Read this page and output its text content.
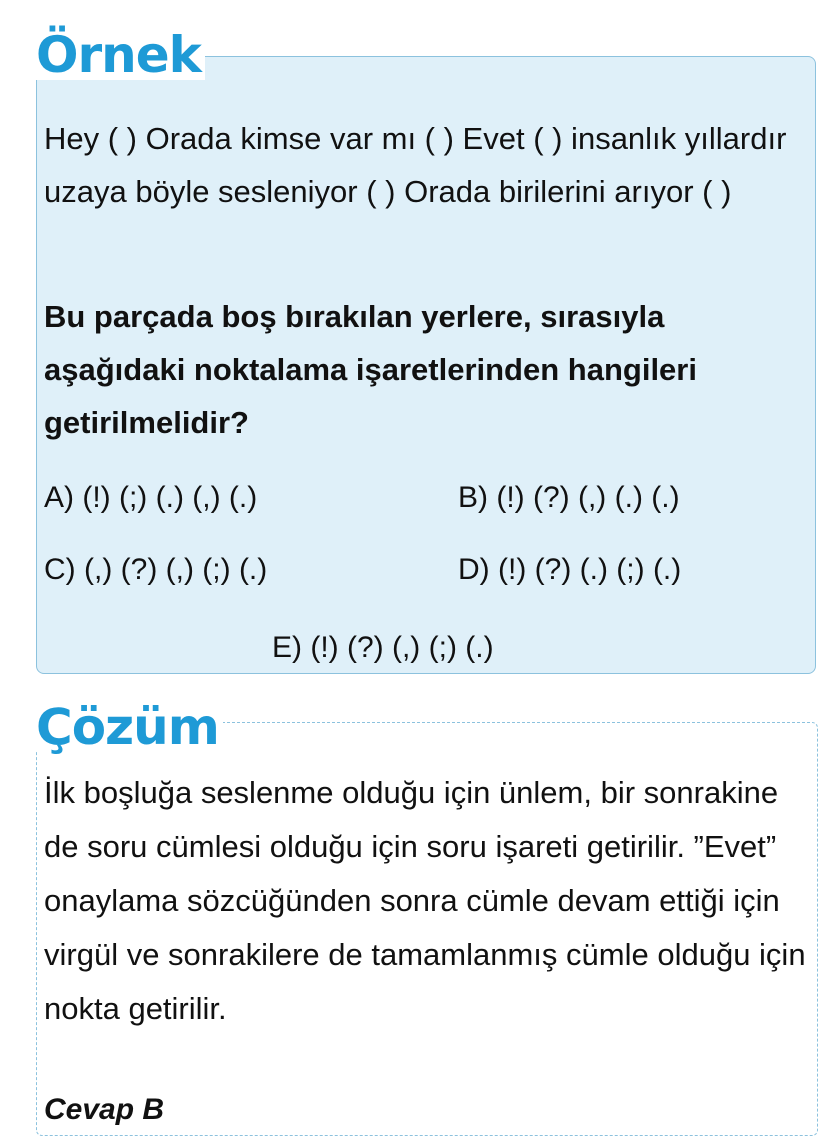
Örnek

Hey ( ) Orada kimse var mı ( ) Evet ( ) insanlık yıllardır uzaya böyle sesleniyor ( ) Orada birilerini arıyor ( )

Bu parçada boş bırakılan yerlere, sırasıyla aşağıdaki noktalama işaretlerinden hangileri getirilmelidir?

A) (!) (;) (.) (,) (.)	B) (!) (?) (,) (.) (.)
C) (,) (?) (,) (;) (.)	D) (!) (?) (.) (;) (.)
E) (!) (?) (,) (;) (.)
Çözüm

İlk boşluğa seslenme olduğu için ünlem, bir sonrakine de soru cümlesi olduğu için soru işareti getirilir. ”Evet” onaylama sözcüğünden sonra cümle devam ettiği için virgül ve sonrakilere de tamamlanmış cümle olduğu için nokta getirilir.

Cevap B
